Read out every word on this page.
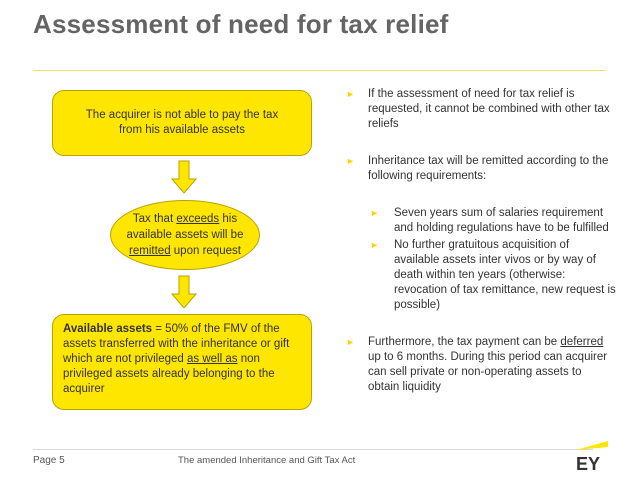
Assessment of need for tax relief
The acquirer is not able to pay the tax from his available assets
Tax that exceeds his
available assets will be
remitted upon request
Available assets = 50% of the FMV of the assets transferred with the inheritance or gift which are not privileged as well as non privileged assets already belonging to the acquirer
► If the assessment of need for tax relief is requested, it cannot be combined with other tax reliefs
► Inheritance tax will be remitted according to the following requirements:
► Seven years sum of salaries requirement and holding regulations have to be fulfilled
► No further gratuitous acquisition of available assets inter vivos or by way of death within ten years (otherwise: revocation of tax remittance, new request is possible)
► Furthermore, the tax payment can be deferred up to 6 months. During this period can acquirer can sell private or non-operating assets to obtain liquidity
Page 5	The amended Inheritance and Gift Tax Act	EY
